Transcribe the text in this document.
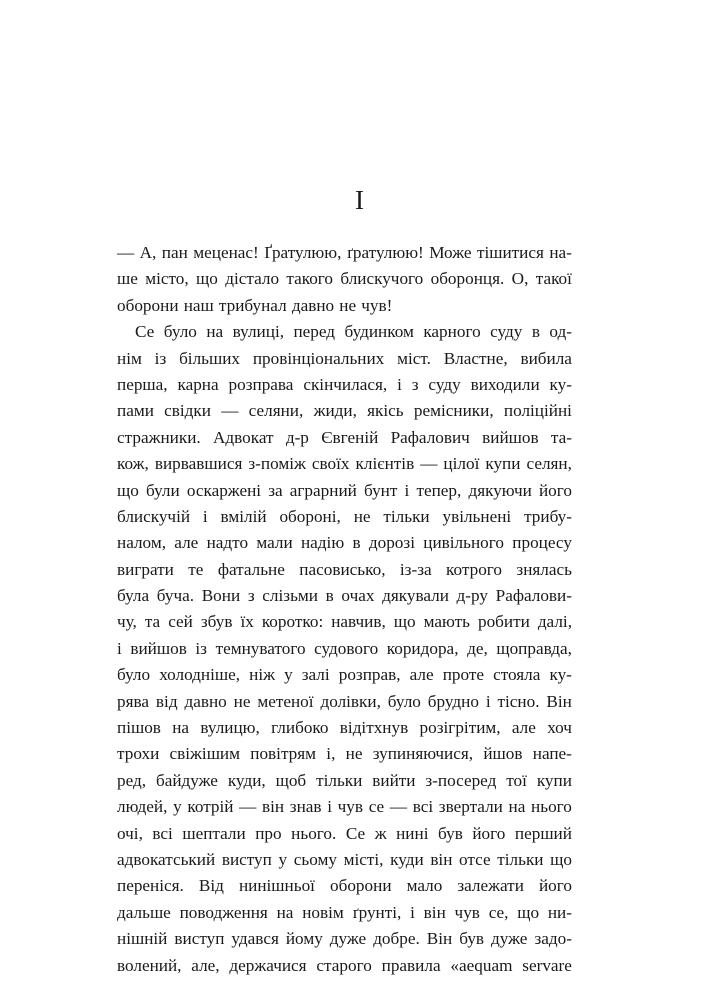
I
— А, пан меценас! Ґратулюю, ґратулюю! Може тішитися на-
ше місто, що дістало такого блискучого оборонця. О, такої
оборони наш трибунал давно не чув!
Се було на вулиці, перед будинком карного суду в од-
нім із більших провінціональних міст. Властне, вибила
перша, карна розправа скінчилася, і з суду виходили ку-
пами свідки — селяни, жиди, якісь ремісники, поліційні
стражники. Адвокат д-р Євгеній Рафалович вийшов та-
кож, вирвавшися з-поміж своїх клієнтів — цілої купи селян,
що були оскаржені за аграрний бунт і тепер, дякуючи його
блискучій і вмілій обороні, не тільки увільнені трибу-
налом, але надто мали надію в дорозі цивільного процесу
виграти те фатальне пасовисько, із-за котрого знялась
була буча. Вони з слізьми в очах дякували д-ру Рафалови-
чу, та сей збув їх коротко: навчив, що мають робити далі,
і вийшов із темнуватого судового коридора, де, щоправда,
було холодніше, ніж у залі розправ, але проте стояла ку-
рява від давно не метеної долівки, було брудно і тісно. Він
пішов на вулицю, глибоко відітхнув розігрітим, але хоч
трохи свіжішим повітрям і, не зупиняючися, йшов напе-
ред, байдуже куди, щоб тільки вийти з-посеред тої купи
людей, у котрій — він знав і чув се — всі звертали на нього
очі, всі шептали про нього. Се ж нині був його перший
адвокатський виступ у сьому місті, куди він отсе тільки що
переніся. Від нинішньої оборони мало залежати його
дальше поводження на новім ґрунті, і він чув се, що ни-
нішній виступ удався йому дуже добре. Він був дуже задо-
волений, але, держачися старого правила «aequam servare
